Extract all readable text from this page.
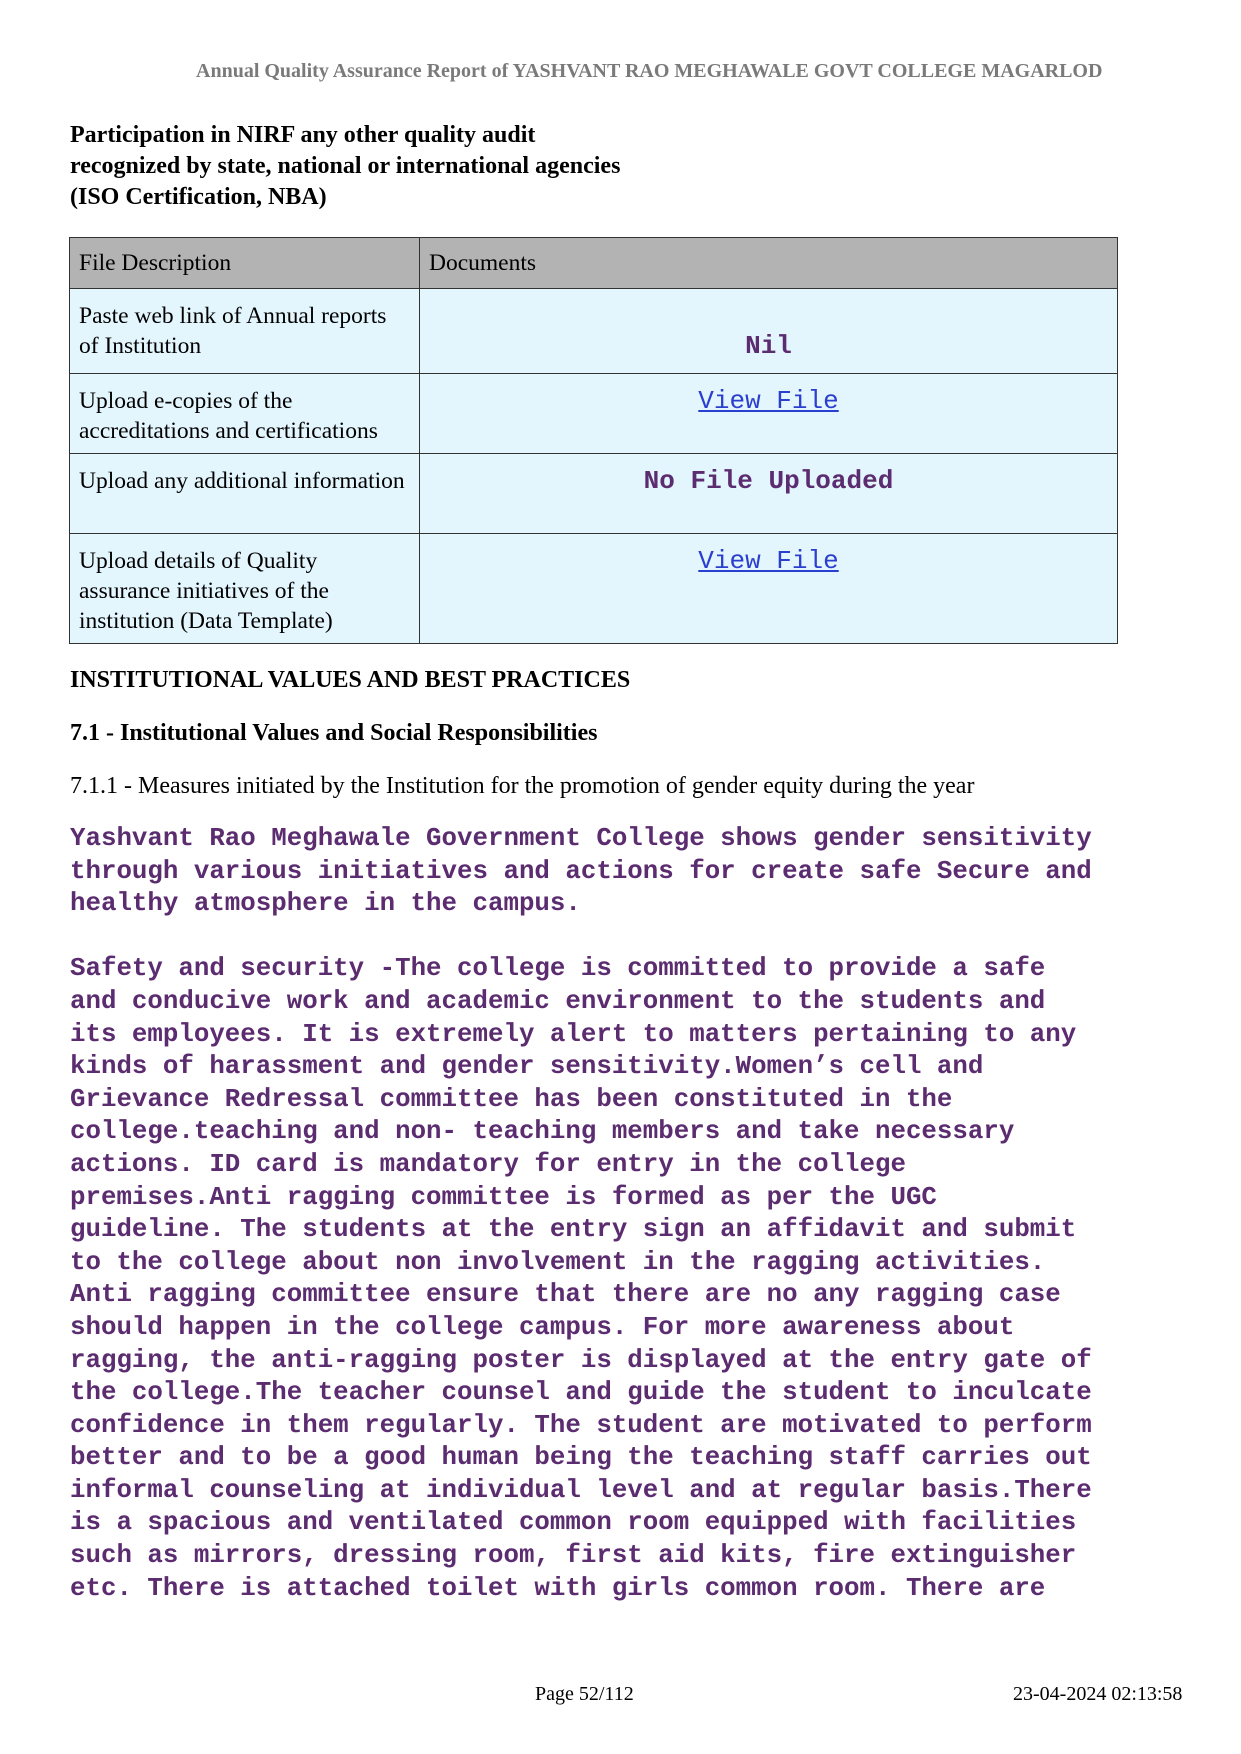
Annual Quality Assurance Report of YASHVANT RAO MEGHAWALE GOVT COLLEGE MAGARLOD
Participation in NIRF any other quality audit recognized by state, national or international agencies (ISO Certification, NBA)
File Description	Documents
Paste web link of Annual reports of Institution	Nil
Upload e-copies of the accreditations and certifications	View File
Upload any additional information	No File Uploaded
Upload details of Quality assurance initiatives of the institution (Data Template)	View File
INSTITUTIONAL VALUES AND BEST PRACTICES
7.1 - Institutional Values and Social Responsibilities
7.1.1 - Measures initiated by the Institution for the promotion of gender equity during the year
Yashvant Rao Meghawale Government College shows gender sensitivity
through various initiatives and actions for create safe Secure and
healthy atmosphere in the campus.

Safety and security -The college is committed to provide a safe
and conducive work and academic environment to the students and
its employees. It is extremely alert to matters pertaining to any
kinds of harassment and gender sensitivity.Women’s cell and
Grievance Redressal committee has been constituted in the
college.teaching and non- teaching members and take necessary
actions. ID card is mandatory for entry in the college
premises.Anti ragging committee is formed as per the UGC
guideline. The students at the entry sign an affidavit and submit
to the college about non involvement in the ragging activities.
Anti ragging committee ensure that there are no any ragging case
should happen in the college campus. For more awareness about
ragging, the anti-ragging poster is displayed at the entry gate of
the college.The teacher counsel and guide the student to inculcate
confidence in them regularly. The student are motivated to perform
better and to be a good human being the teaching staff carries out
informal counseling at individual level and at regular basis.There
is a spacious and ventilated common room equipped with facilities
such as mirrors, dressing room, first aid kits, fire extinguisher
etc. There is attached toilet with girls common room. There are
Page 52/112	23-04-2024 02:13:58
